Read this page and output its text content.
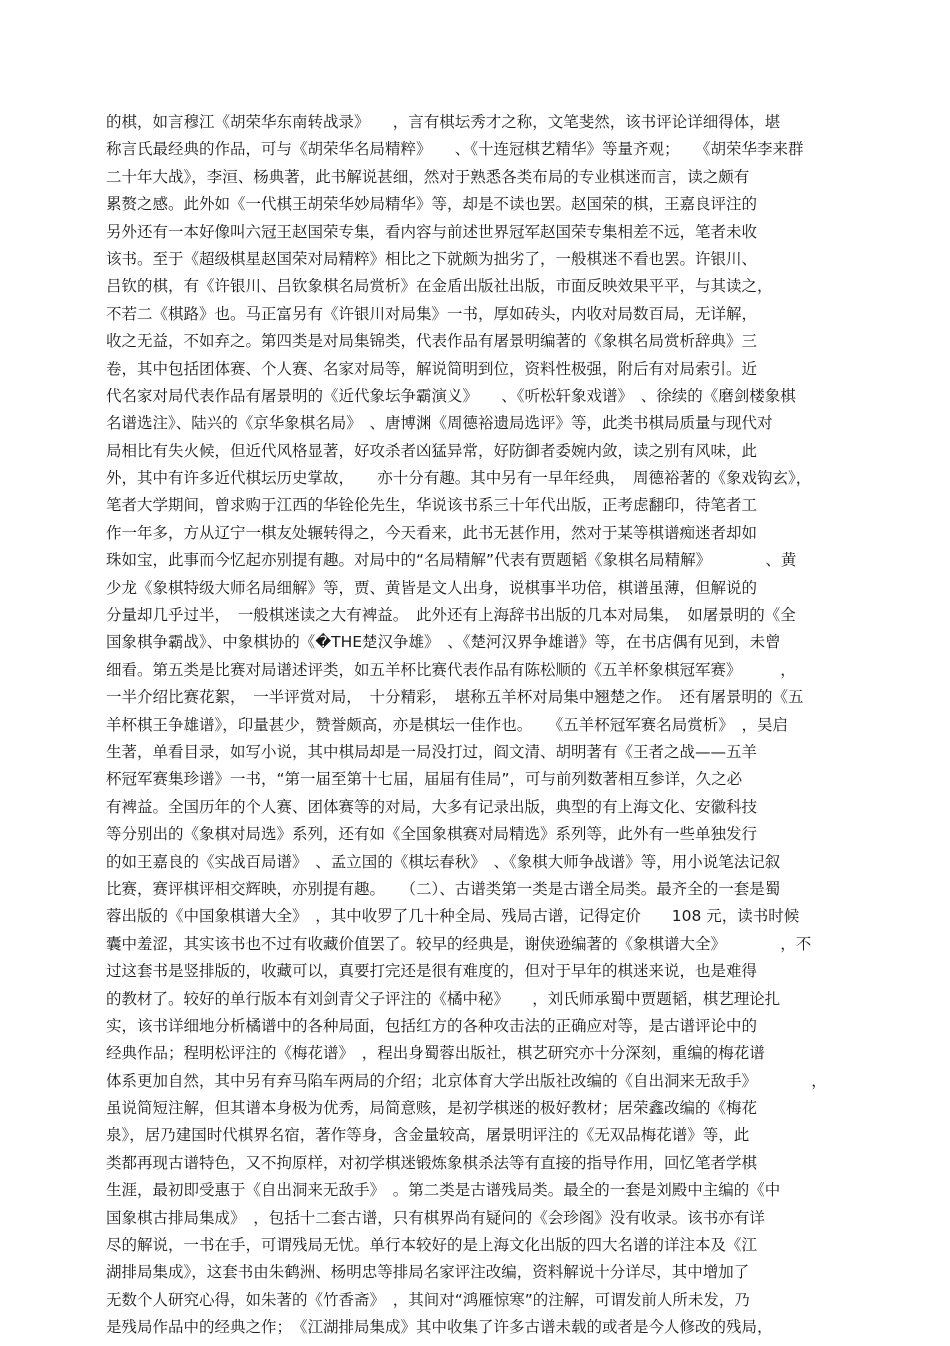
的棋，如言穆江《胡荣华东南转战录》　　，言有棋坛秀才之称，文笔斐然，该书评论详细得体，堪
称言氏最经典的作品，可与《胡荣华名局精粹》　　、《十连冠棋艺精华》等量齐观；　　《胡荣华李来群
二十年大战》，李洹、杨典著，此书解说甚细，然对于熟悉各类布局的专业棋迷而言，读之颇有
累赘之感。此外如《一代棋王胡荣华妙局精华》等，却是不读也罢。赵国荣的棋，王嘉良评注的
另外还有一本好像叫六冠王赵国荣专集，看内容与前述世界冠军赵国荣专集相差不远，笔者未收
该书。至于《超级棋星赵国荣对局精粹》相比之下就颇为拙劣了，一般棋迷不看也罢。许银川、
吕钦的棋，有《许银川、吕钦象棋名局赏析》在金盾出版社出版，市面反映效果平平，与其读之，
不若二《棋路》也。马正富另有《许银川对局集》一书，厚如砖头，内收对局数百局，无详解，
收之无益，不如弃之。第四类是对局集锦类，代表作品有屠景明编著的《象棋名局赏析辞典》三
卷，其中包括团体赛、个人赛、名家对局等，解说简明到位，资料性极强，附后有对局索引。近
代名家对局代表作品有屠景明的《近代象坛争霸演义》　　、《听松轩象戏谱》　、徐续的《磨剑楼象棋
名谱选注》、陆兴的《京华象棋名局》　、唐博渊《周德裕遗局选评》等，此类书棋局质量与现代对
局相比有失火候，但近代风格显著，好攻杀者凶猛异常，好防御者委婉内敛，读之别有风味，此
外，其中有许多近代棋坛历史掌故，　　亦十分有趣。其中另有一早年经典，　周德裕著的《象戏钩玄》，
笔者大学期间，曾求购于江西的华铨伦先生，华说该书系三十年代出版，正考虑翻印，待笔者工
作一年多，方从辽宁一棋友处辗转得之，今天看来，此书无甚作用，然对于某等棋谱痴迷者却如
珠如宝，此事而今忆起亦别提有趣。对局中的“名局精解”代表有贾题韬《象棋名局精解》　　　　、黄
少龙《象棋特级大师名局细解》等，贾、黄皆是文人出身，说棋事半功倍，棋谱虽薄，但解说的
分量却几乎过半，　一般棋迷读之大有裨益。　此外还有上海辞书出版的几本对局集，　如屠景明的《全
国象棋争霸战》、中象棋协的《�THE楚汉争雄》　、《楚河汉界争雄谱》等，在书店偶有见到，未曾
细看。第五类是比赛对局谱述评类，如五羊杯比赛代表作品有陈松顺的《五羊杯象棋冠军赛》　　　，
一半介绍比赛花絮，　一半评赏对局，　十分精彩，　堪称五羊杯对局集中翘楚之作。　还有屠景明的《五
羊杯棋王争雄谱》，印量甚少，赞誉颇高，亦是棋坛一佳作也。　　《五羊杯冠军赛名局赏析》　，吴启
生著，单看目录，如写小说，其中棋局却是一局没打过，阎文清、胡明著有《王者之战——五羊
杯冠军赛集珍谱》一书，“第一届至第十七届，届届有佳局”，可与前列数著相互参详，久之必
有裨益。全国历年的个人赛、团体赛等的对局，大多有记录出版，典型的有上海文化、安徽科技
等分别出的《象棋对局选》系列，还有如《全国象棋赛对局精选》系列等，此外有一些单独发行
的如王嘉良的《实战百局谱》　、孟立国的《棋坛春秋》　、《象棋大师争战谱》等，用小说笔法记叙
比赛，赛评棋评相交辉映，亦别提有趣。　　（二）、古谱类第一类是古谱全局类。最齐全的一套是蜀
蓉出版的《中国象棋谱大全》　，其中收罗了几十种全局、残局古谱，记得定价　　108 元，读书时候
囊中羞涩，其实该书也不过有收藏价值罢了。较早的经典是，谢侠逊编著的《象棋谱大全》　　　　，不
过这套书是竖排版的，收藏可以，真要打完还是很有难度的，但对于早年的棋迷来说，也是难得
的教材了。较好的单行版本有刘剑青父子评注的《橘中秘》　　，刘氏师承蜀中贾题韬，棋艺理论扎
实，该书详细地分析橘谱中的各种局面，包括红方的各种攻击法的正确应对等，是古谱评论中的
经典作品；程明松评注的《梅花谱》　，程出身蜀蓉出版社，棋艺研究亦十分深刻，重编的梅花谱
体系更加自然，其中另有弃马陷车两局的介绍；北京体育大学出版社改编的《自出洞来无敌手》　　　　，
虽说简短注解，但其谱本身极为优秀，局简意赅，是初学棋迷的极好教材；居荣鑫改编的《梅花
泉》，居乃建国时代棋界名宿，著作等身，含金量较高，屠景明评注的《无双品梅花谱》等，此
类都再现古谱特色，又不拘原样，对初学棋迷锻炼象棋杀法等有直接的指导作用，回忆笔者学棋
生涯，最初即受惠于《自出洞来无敌手》　。第二类是古谱残局类。最全的一套是刘殿中主编的《中
国象棋古排局集成》　，包括十二套古谱，只有棋界尚有疑问的《会珍阁》没有收录。该书亦有详
尽的解说，一书在手，可谓残局无忧。单行本较好的是上海文化出版的四大名谱的详注本及《江
湖排局集成》，这套书由朱鹤洲、杨明忠等排局名家评注改编，资料解说十分详尽，其中增加了
无数个人研究心得，如朱著的《竹香斋》　，其间对“鸿雁惊寒”的注解，可谓发前人所未发，乃
是残局作品中的经典之作；　《江湖排局集成》其中收集了许多古谱未载的或者是今人修改的残局，
